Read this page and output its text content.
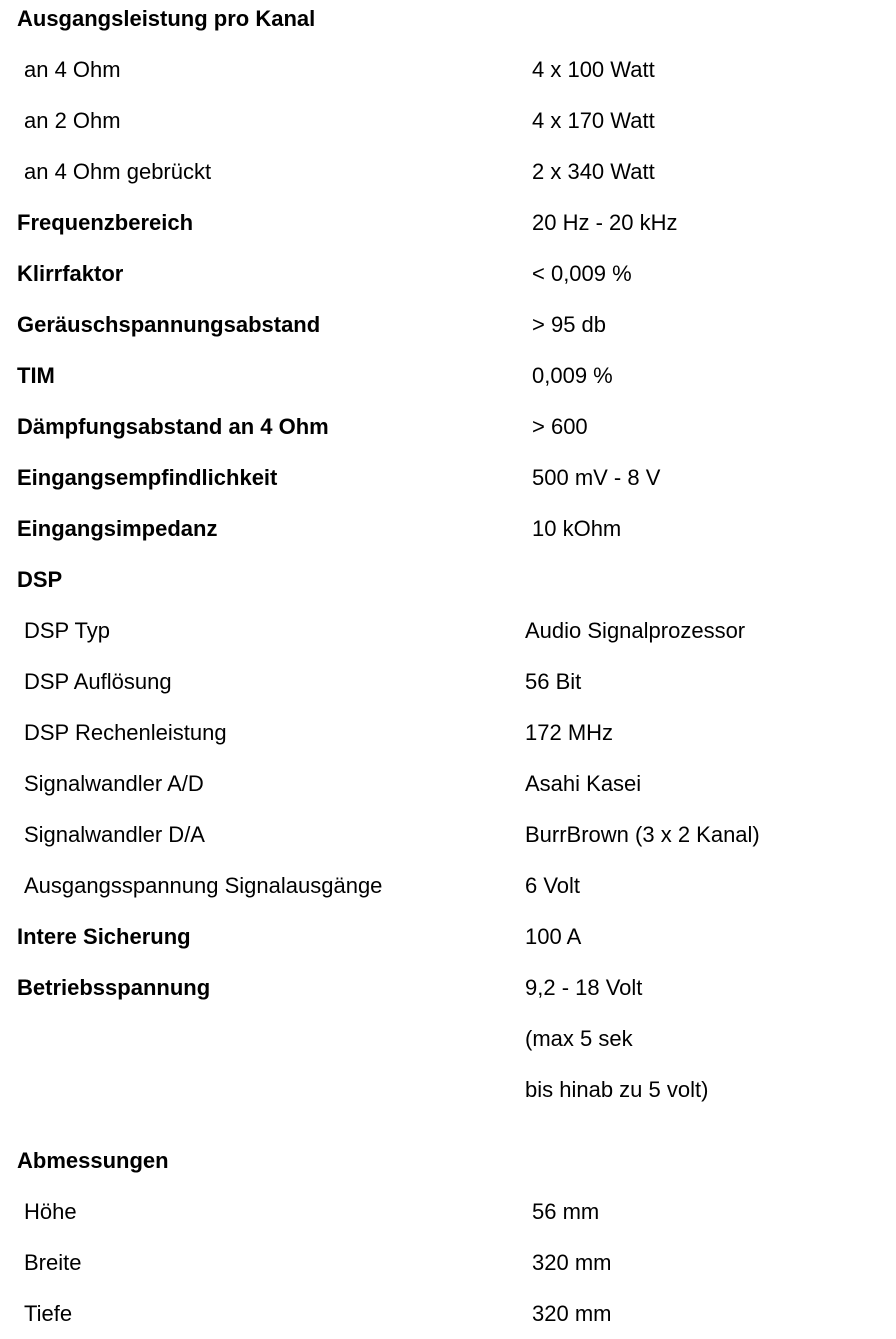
Ausgangsleistung pro Kanal
an 4 Ohm	4 x 100 Watt
an 2 Ohm	4 x 170 Watt
an 4 Ohm gebrückt	2 x 340 Watt
Frequenzbereich	20 Hz - 20 kHz
Klirrfaktor	< 0,009 %
Geräuschspannungsabstand	> 95 db
TIM	0,009 %
Dämpfungsabstand an 4 Ohm	> 600
Eingangsempfindlichkeit	500 mV - 8 V
Eingangsimpedanz	10 kOhm
DSP
DSP Typ	Audio Signalprozessor
DSP Auflösung	56 Bit
DSP Rechenleistung	172 MHz
Signalwandler A/D	Asahi Kasei
Signalwandler D/A	BurrBrown (3 x 2 Kanal)
Ausgangsspannung Signalausgänge	6 Volt
Intere Sicherung	100 A
Betriebsspannung	9,2 - 18 Volt
(max 5 sek
bis hinab zu 5 volt)
Abmessungen
Höhe	56 mm
Breite	320 mm
Tiefe	320 mm
